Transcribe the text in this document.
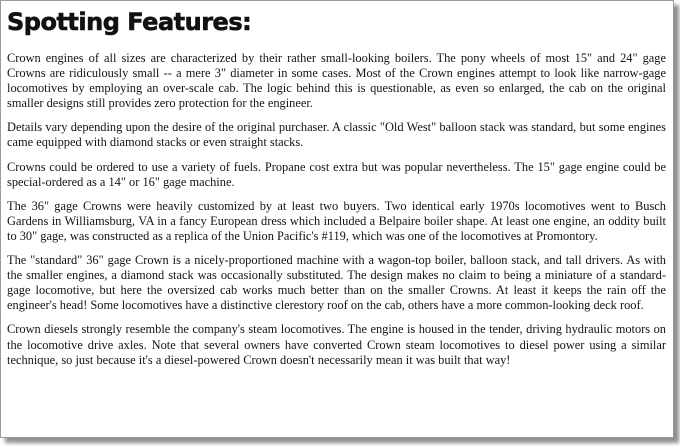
Spotting Features:

Crown engines of all sizes are characterized by their rather small-looking boilers. The pony wheels of most 15" and 24" gage Crowns are ridiculously small -- a mere 3" diameter in some cases. Most of the Crown engines attempt to look like narrow-gage locomotives by employing an over-scale cab. The logic behind this is questionable, as even so enlarged, the cab on the original smaller designs still provides zero protection for the engineer.

Details vary depending upon the desire of the original purchaser. A classic "Old West" balloon stack was standard, but some engines came equipped with diamond stacks or even straight stacks.

Crowns could be ordered to use a variety of fuels. Propane cost extra but was popular nevertheless. The 15" gage engine could be special-ordered as a 14" or 16" gage machine.

The 36" gage Crowns were heavily customized by at least two buyers. Two identical early 1970s locomotives went to Busch Gardens in Williamsburg, VA in a fancy European dress which included a Belpaire boiler shape. At least one engine, an oddity built to 30" gage, was constructed as a replica of the Union Pacific's #119, which was one of the locomotives at Promontory.

The "standard" 36" gage Crown is a nicely-proportioned machine with a wagon-top boiler, balloon stack, and tall drivers. As with the smaller engines, a diamond stack was occasionally substituted. The design makes no claim to being a miniature of a standard-gage locomotive, but here the oversized cab works much better than on the smaller Crowns. At least it keeps the rain off the engineer's head! Some locomotives have a distinctive clerestory roof on the cab, others have a more common-looking deck roof.

Crown diesels strongly resemble the company's steam locomotives. The engine is housed in the tender, driving hydraulic motors on the locomotive drive axles. Note that several owners have converted Crown steam locomotives to diesel power using a similar technique, so just because it's a diesel-powered Crown doesn't necessarily mean it was built that way!
